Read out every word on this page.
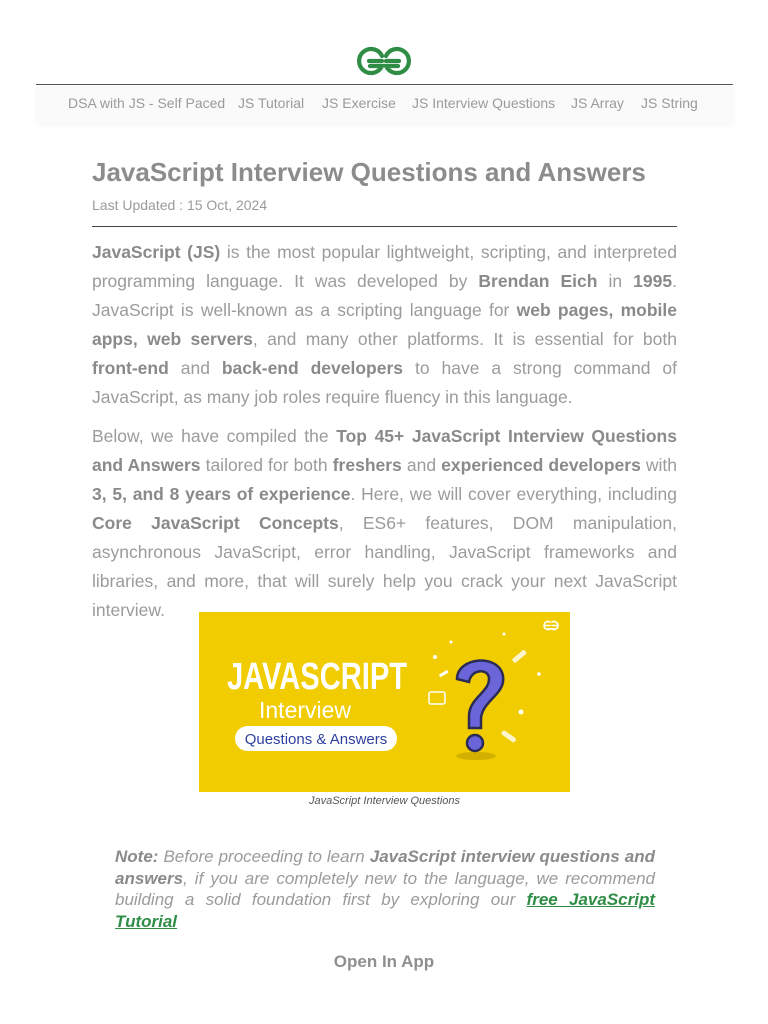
DSA with JS - Self Paced JS Tutorial JS Exercise JS Interview Questions JS Array JS String
JavaScript Interview Questions and Answers
Last Updated : 15 Oct, 2024

JavaScript (JS) is the most popular lightweight, scripting, and interpreted programming language. It was developed by Brendan Eich in 1995. JavaScript is well-known as a scripting language for web pages, mobile apps, web servers, and many other platforms. It is essential for both front-end and back-end developers to have a strong command of JavaScript, as many job roles require fluency in this language.

Below, we have compiled the Top 45+ JavaScript Interview Questions and Answers tailored for both freshers and experienced developers with 3, 5, and 8 years of experience. Here, we will cover everything, including Core JavaScript Concepts, ES6+ features, DOM manipulation, asynchronous JavaScript, error handling, JavaScript frameworks and libraries, and more, that will surely help you crack your next JavaScript interview.

JAVASCRIPT
Interview
Questions & Answers
JavaScript Interview Questions
Note: Before proceeding to learn JavaScript interview questions and answers, if you are completely new to the language, we recommend building a solid foundation first by exploring our free JavaScript Tutorial
Open In App
